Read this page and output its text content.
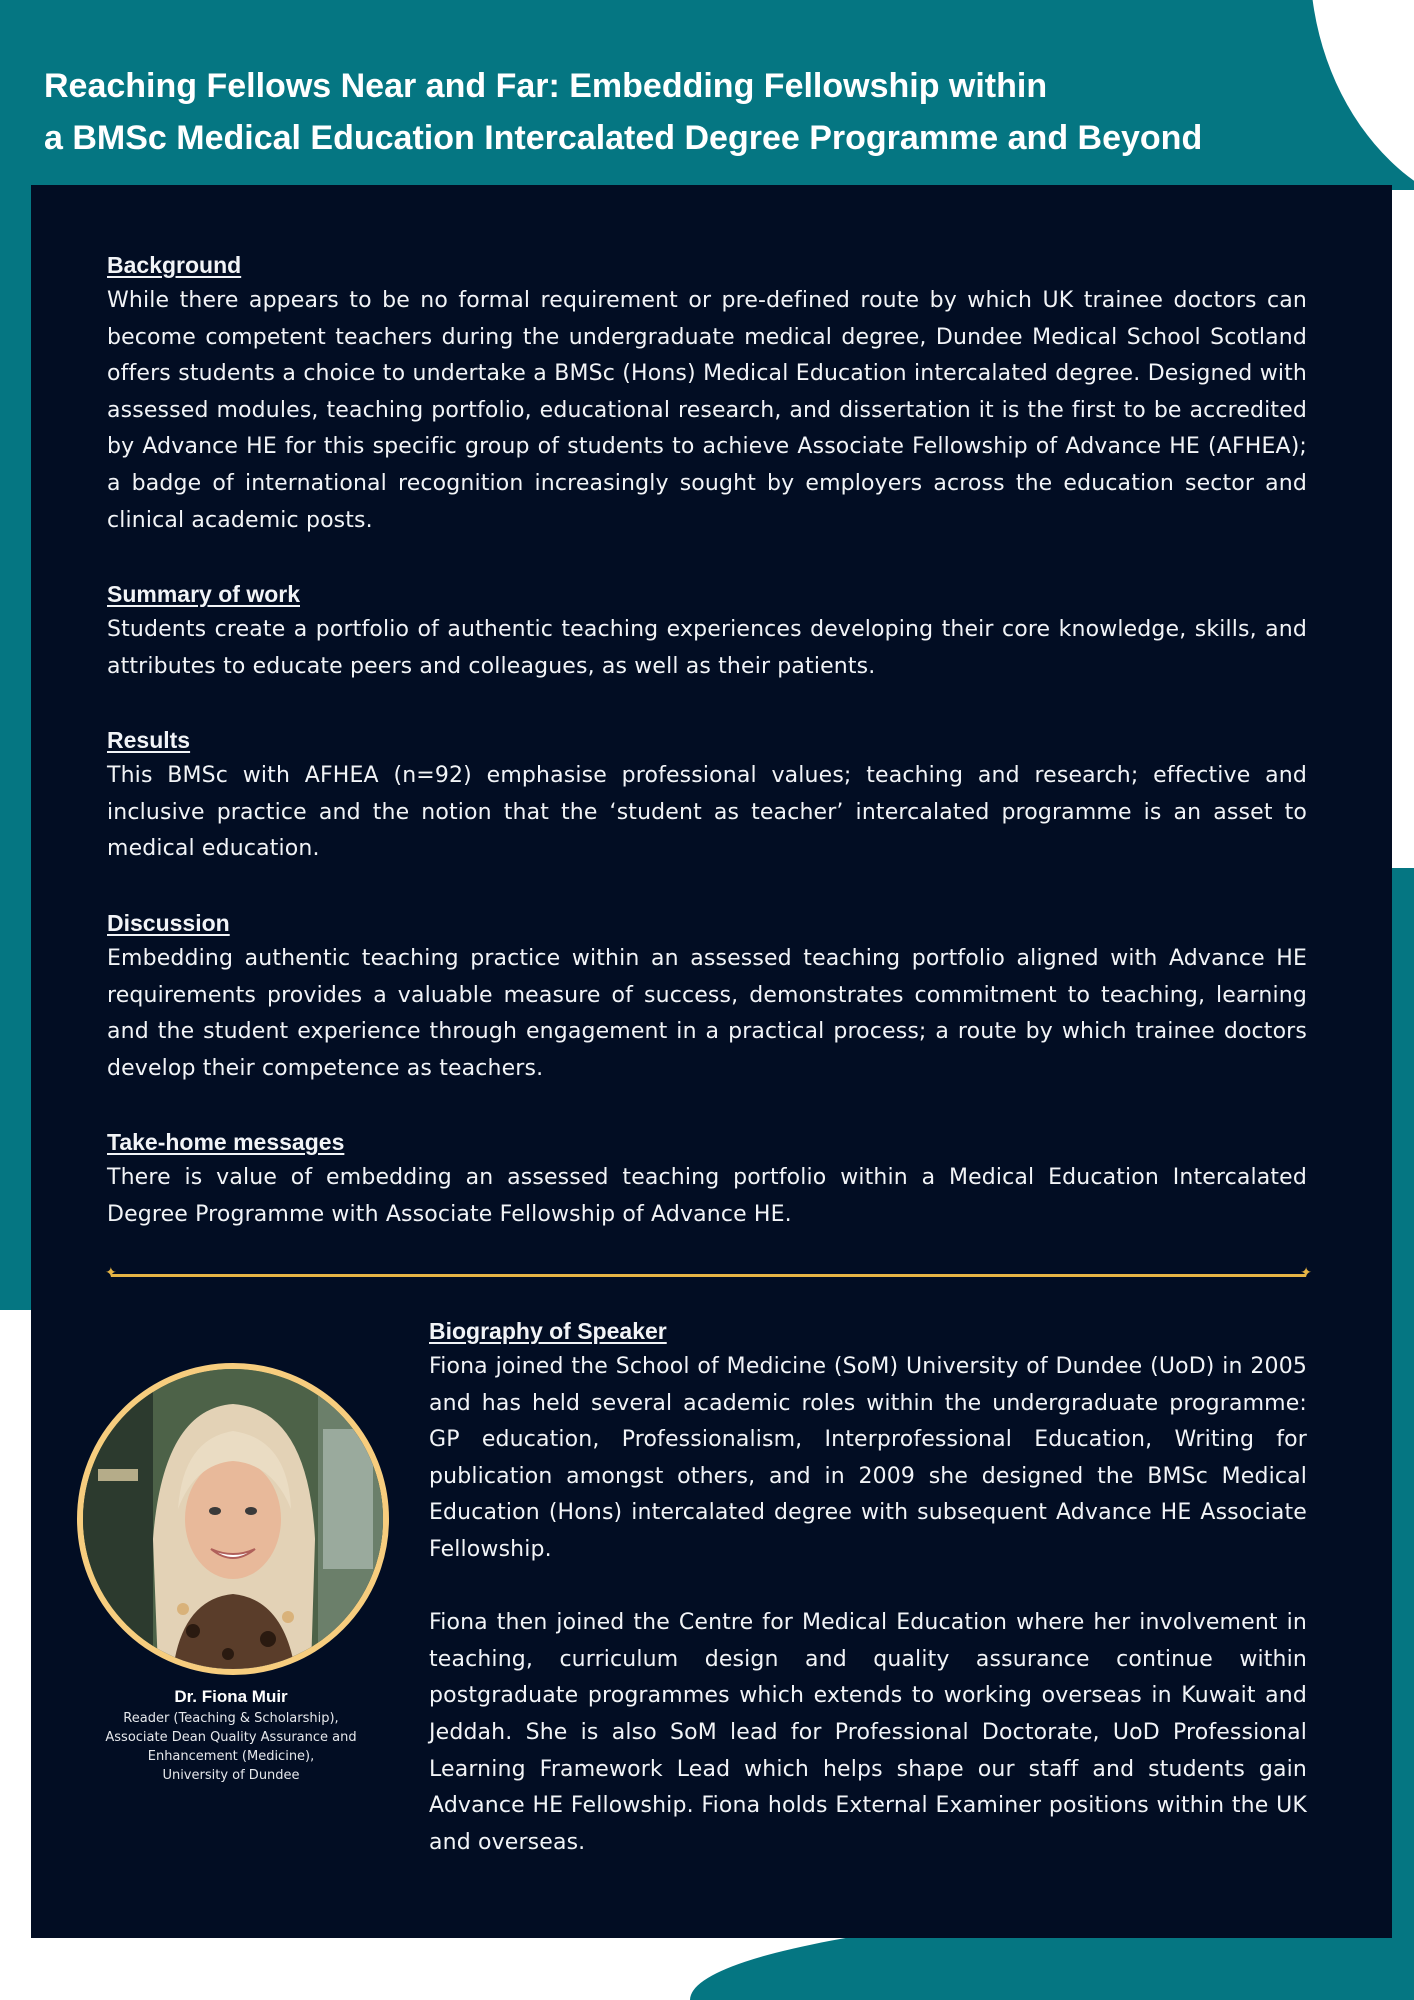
Reaching Fellows Near and Far: Embedding Fellowship within
a BMSc Medical Education Intercalated Degree Programme and Beyond

Background

While there appears to be no formal requirement or pre-defined route by which UK trainee doctors can become competent teachers during the undergraduate medical degree, Dundee Medical School Scotland offers students a choice to undertake a BMSc (Hons) Medical Education intercalated degree. Designed with assessed modules, teaching portfolio, educational research, and dissertation it is the first to be accredited by Advance HE for this specific group of students to achieve Associate Fellowship of Advance HE (AFHEA); a badge of international recognition increasingly sought by employers across the education sector and clinical academic posts.

Summary of work

Students create a portfolio of authentic teaching experiences developing their core knowledge, skills, and attributes to educate peers and colleagues, as well as their patients.

Results

This BMSc with AFHEA (n=92) emphasise professional values; teaching and research; effective and inclusive practice and the notion that the ‘student as teacher’ intercalated programme is an asset to medical education.

Discussion

Embedding authentic teaching practice within an assessed teaching portfolio aligned with Advance HE requirements provides a valuable measure of success, demonstrates commitment to teaching, learning and the student experience through engagement in a practical process; a route by which trainee doctors develop their competence as teachers.

Take-home messages

There is value of embedding an assessed teaching portfolio within a Medical Education Intercalated Degree Programme with Associate Fellowship of Advance HE.

✦ ✦
Dr. Fiona Muir
Reader (Teaching & Scholarship),
Associate Dean Quality Assurance and
Enhancement (Medicine),
University of Dundee

Biography of Speaker

Fiona joined the School of Medicine (SoM) University of Dundee (UoD) in 2005 and has held several academic roles within the undergraduate programme: GP education, Professionalism, Interprofessional Education, Writing for publication amongst others, and in 2009 she designed the BMSc Medical Education (Hons) intercalated degree with subsequent Advance HE Associate Fellowship.

Fiona then joined the Centre for Medical Education where her involvement in teaching, curriculum design and quality assurance continue within postgraduate programmes which extends to working overseas in Kuwait and Jeddah. She is also SoM lead for Professional Doctorate, UoD Professional Learning Framework Lead which helps shape our staff and students gain Advance HE Fellowship. Fiona holds External Examiner positions within the UK and overseas.
